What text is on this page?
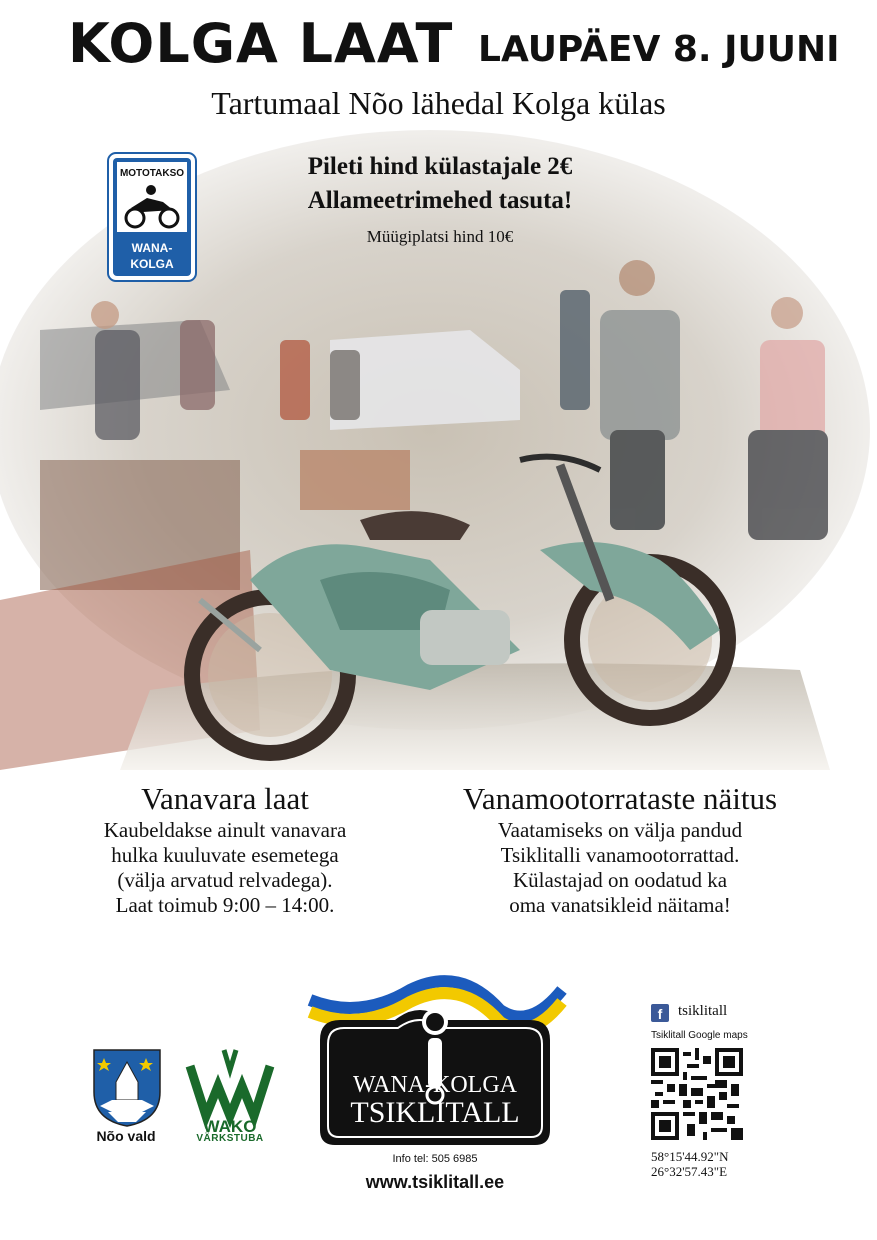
KOLGA LAAT LAUPÄEV 8. JUUNI
Tartumaal Nõo lähedal Kolga külas
MOTOTAKSO
WANA-
KOLGA
Pileti hind külastajale 2€
Allameetrimehed tasuta!
Müügiplatsi hind 10€
Vanavara laat
Kaubeldakse ainult vanavara
hulka kuuluvate esemetega
(välja arvatud relvadega).
Laat toimub 9:00 – 14:00.
Vanamootorrataste näitus
Vaatamiseks on välja pandud
Tsiklitalli vanamootorrattad.
Külastajad on oodatud ka
oma vanatsikleid näitama!
Nõo vald	WAKO
VÄRKSTUBA
WANA-KOLGA
TSIKLITALL
Info tel: 505 6985
www.tsiklitall.ee
f	tsiklitall
Tsiklitall Google maps
58°15'44.92"N
26°32'57.43"E
